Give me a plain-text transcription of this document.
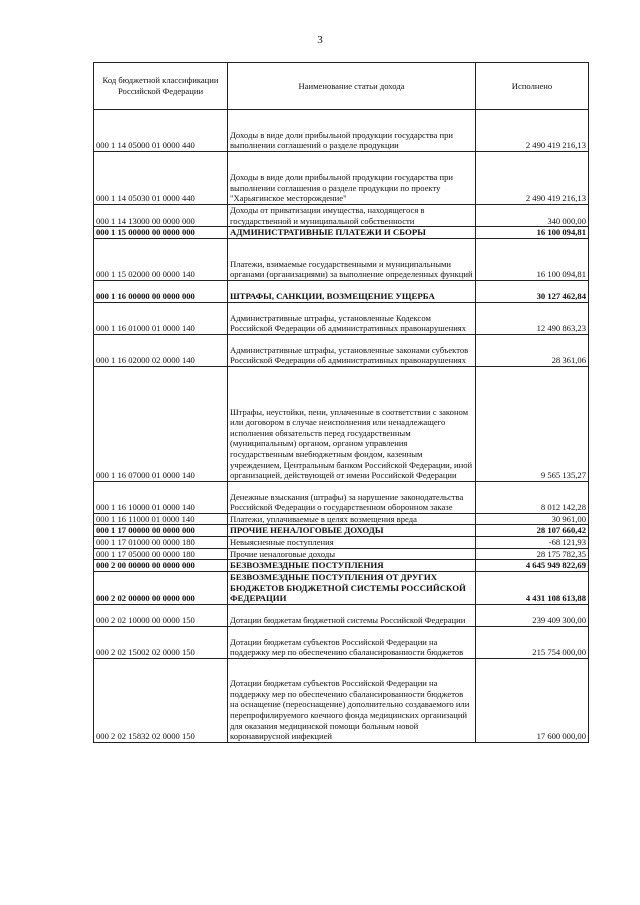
3
Код бюджетной классификации Российской Федерации	Наименование статьи дохода	Исполнено
000 1 14 05000 01 0000 440	Доходы в виде доли прибыльной продукции государства при выполнении соглашений о разделе продукции	2 490 419 216,13
000 1 14 05030 01 0000 440	Доходы в виде доли прибыльной продукции государства при выполнении соглашения о разделе продукции по проекту "Харьягинское месторождение"	2 490 419 216,13
000 1 14 13000 00 0000 000	Доходы от приватизации имущества, находящегося в государственной и муниципальной собственности	340 000,00
000 1 15 00000 00 0000 000	АДМИНИСТРАТИВНЫЕ ПЛАТЕЖИ И СБОРЫ	16 100 094,81
000 1 15 02000 00 0000 140	Платежи, взимаемые государственными и муниципальными органами (организациями) за выполнение определенных функций	16 100 094,81
000 1 16 00000 00 0000 000	ШТРАФЫ, САНКЦИИ, ВОЗМЕЩЕНИЕ УЩЕРБА	30 127 462,84
000 1 16 01000 01 0000 140	Административные штрафы, установленные Кодексом Российской Федерации об административных правонарушениях	12 490 863,23
000 1 16 02000 02 0000 140	Административные штрафы, установленные законами субъектов Российской Федерации об административных правонарушениях	28 361,06
000 1 16 07000 01 0000 140	Штрафы, неустойки, пени, уплаченные в соответствии с законом или договором в случае неисполнения или ненадлежащего исполнения обязательств перед государственным (муниципальным) органом, органом управления государственным внебюджетным фондом, казенным учреждением, Центральным банком Российской Федерации, иной организацией, действующей от имени Российской Федерации	9 565 135,27
000 1 16 10000 01 0000 140	Денежные взыскания (штрафы) за нарушение законодательства Российской Федерации о государственном оборонном заказе	8 012 142,28
000 1 16 11000 01 0000 140	Платежи, уплачиваемые в целях возмещения вреда	30 961,00
000 1 17 00000 00 0000 000	ПРОЧИЕ НЕНАЛОГОВЫЕ ДОХОДЫ	28 107 660,42
000 1 17 01000 00 0000 180	Невыясненные поступления	-68 121,93
000 1 17 05000 00 0000 180	Прочие неналоговые доходы	28 175 782,35
000 2 00 00000 00 0000 000	БЕЗВОЗМЕЗДНЫЕ ПОСТУПЛЕНИЯ	4 645 949 822,69
000 2 02 00000 00 0000 000	БЕЗВОЗМЕЗДНЫЕ ПОСТУПЛЕНИЯ ОТ ДРУГИХ БЮДЖЕТОВ БЮДЖЕТНОЙ СИСТЕМЫ РОССИЙСКОЙ ФЕДЕРАЦИИ	4 431 108 613,88
000 2 02 10000 00 0000 150	Дотации бюджетам бюджетной системы Российской Федерации	239 409 300,00
000 2 02 15002 02 0000 150	Дотации бюджетам субъектов Российской Федерации на поддержку мер по обеспечению сбалансированности бюджетов	215 754 000,00
000 2 02 15832 02 0000 150	Дотации бюджетам субъектов Российской Федерации на поддержку мер по обеспечению сбалансированности бюджетов на оснащение (переоснащение) дополнительно создаваемого или перепрофилируемого коечного фонда медицинских организаций для оказания медицинской помощи больным новой коронавирусной инфекцией	17 600 000,00
